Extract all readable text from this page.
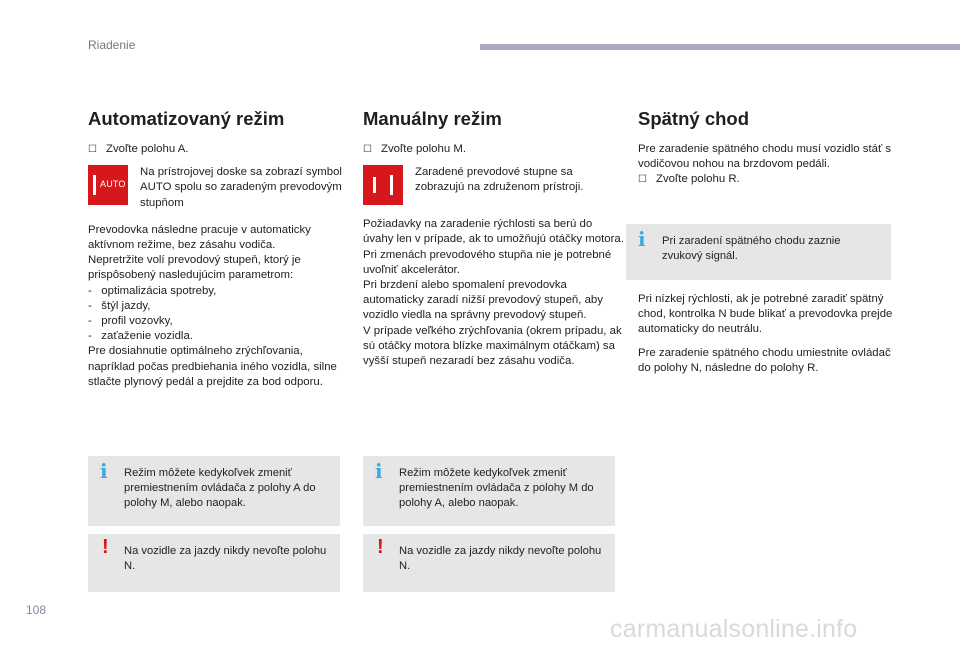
Riadenie
Automatizovaný režim
☐ Zvoľte polohu A.
AUTO
Na prístrojovej doske sa zobrazí symbol AUTO spolu so zaradeným prevodovým stupňom
Prevodovka následne pracuje v automaticky aktívnom režime, bez zásahu vodiča.
Nepretržite volí prevodový stupeň, ktorý je prispôsobený nasledujúcim parametrom:
-   optimalizácia spotreby,
-   štýl jazdy,
-   profil vozovky,
-   zaťaženie vozidla.
Pre dosiahnutie optimálneho zrýchľovania, napríklad počas predbiehania iného vozidla, silne stlačte plynový pedál a prejdite za bod odporu.
i Režim môžete kedykoľvek zmeniť premiestnením ovládača z polohy A do polohy M, alebo naopak.
! Na vozidle za jazdy nikdy nevoľte polohu N.
Manuálny režim
☐ Zvoľte polohu M.
Zaradené prevodové stupne sa zobrazujú na združenom prístroji.
Požiadavky na zaradenie rýchlosti sa berú do úvahy len v prípade, ak to umožňujú otáčky motora.
Pri zmenách prevodového stupňa nie je potrebné uvoľniť akcelerátor.
Pri brzdení alebo spomalení prevodovka automaticky zaradí nižší prevodový stupeň, aby vozidlo viedla na správny prevodový stupeň.
V prípade veľkého zrýchľovania (okrem prípadu, ak sú otáčky motora blízke maximálnym otáčkam) sa vyšší stupeň nezaradí bez zásahu vodiča.
i Režim môžete kedykoľvek zmeniť premiestnením ovládača z polohy M do polohy A, alebo naopak.
! Na vozidle za jazdy nikdy nevoľte polohu N.
Spätný chod
Pre zaradenie spätného chodu musí vozidlo stáť s vodičovou nohou na brzdovom pedáli.
☐ Zvoľte polohu R.
i Pri zaradení spätného chodu zaznie zvukový signál.
Pri nízkej rýchlosti, ak je potrebné zaradiť spätný chod, kontrolka N bude blikať a prevodovka prejde automaticky do neutrálu.
Pre zaradenie spätného chodu umiestnite ovládač do polohy N, následne do polohy R.
108
carmanualsonline.info
